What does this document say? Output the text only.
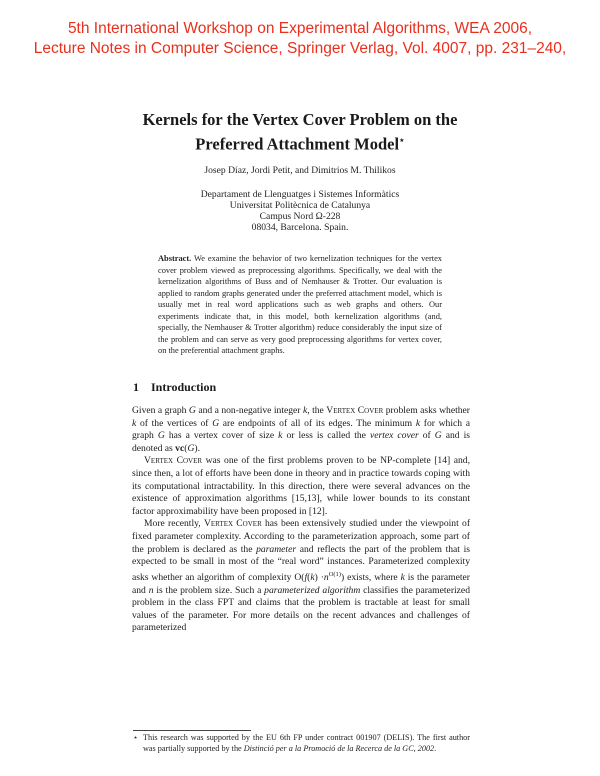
5th International Workshop on Experimental Algorithms, WEA 2006,
Lecture Notes in Computer Science, Springer Verlag, Vol. 4007, pp. 231–240,
Kernels for the Vertex Cover Problem on the
Preferred Attachment Model⋆
Josep Díaz, Jordi Petit, and Dimitrios M. Thilikos
Departament de Llenguatges i Sistemes Informàtics
Universitat Politècnica de Catalunya
Campus Nord Ω-228
08034, Barcelona. Spain.
Abstract. We examine the behavior of two kernelization techniques for the vertex cover problem viewed as preprocessing algorithms. Specifically, we deal with the kernelization algorithms of Buss and of Nemhauser & Trotter. Our evaluation is applied to random graphs generated under the preferred attachment model, which is usually met in real word applications such as web graphs and others. Our experiments indicate that, in this model, both kernelization algorithms (and, specially, the Nemhauser & Trotter algorithm) reduce considerably the input size of the problem and can serve as very good preprocessing algorithms for vertex cover, on the preferential attachment graphs.
1 Introduction

Given a graph G and a non-negative integer k, the Vertex Cover problem asks whether k of the vertices of G are endpoints of all of its edges. The minimum k for which a graph G has a vertex cover of size k or less is called the vertex cover of G and is denoted as vc(G).

Vertex Cover was one of the first problems proven to be NP-complete [14] and, since then, a lot of efforts have been done in theory and in practice towards coping with its computational intractability. In this direction, there were several advances on the existence of approximation algorithms [15,13], while lower bounds to its constant factor approximability have been proposed in [12].

More recently, Vertex Cover has been extensively studied under the viewpoint of fixed parameter complexity. According to the parameterization approach, some part of the problem is declared as the parameter and reflects the part of the problem that is expected to be small in most of the “real word” instances. Parameterized complexity asks whether an algorithm of complexity $O(f(k) \cdot n^{O(1)})$ exists, where k is the parameter and n is the problem size. Such a parameterized algorithm classifies the parameterized problem in the class FPT and claims that the problem is tractable at least for small values of the parameter. For more details on the recent advances and challenges of parameterized

⋆ This research was supported by the EU 6th FP under contract 001907 (DELIS). The first author was partially supported by the Distinció per a la Promoció de la Recerca de la GC, 2002.
